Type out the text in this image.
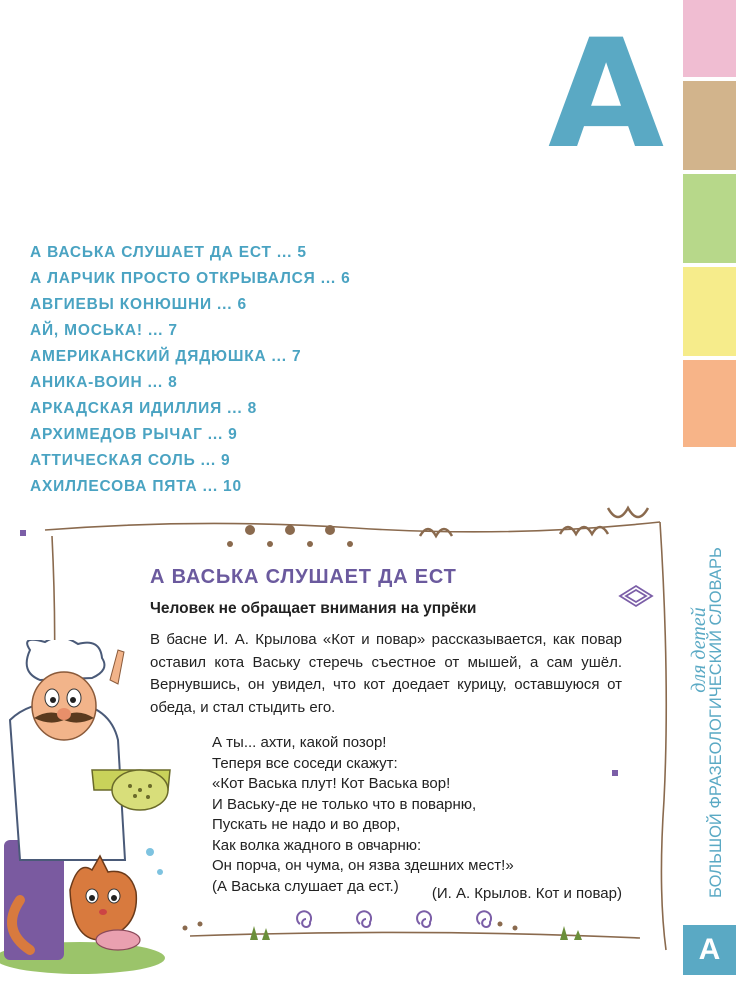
А
А ВАСЬКА СЛУШАЕТ ДА ЕСТ ... 5
А ЛАРЧИК ПРОСТО ОТКРЫВАЛСЯ ... 6
АВГИЕВЫ КОНЮШНИ ... 6
АЙ, МОСЬКА! ... 7
АМЕРИКАНСКИЙ ДЯДЮШКА ... 7
АНИКА-ВОИН ... 8
АРКАДСКАЯ ИДИЛЛИЯ ... 8
АРХИМЕДОВ РЫЧАГ ... 9
АТТИЧЕСКАЯ СОЛЬ ... 9
АХИЛЛЕСОВА ПЯТА ... 10
для детей
БОЛЬШОЙ ФРАЗЕОЛОГИЧЕСКИЙ СЛОВАРЬ
А
А ВАСЬКА СЛУШАЕТ ДА ЕСТ

Человек не обращает внимания на упрёки

В басне И. А. Крылова «Кот и повар» рассказывается, как повар оставил кота Ваську стеречь съестное от мышей, а сам ушёл. Вернувшись, он увидел, что кот доедает курицу, оставшуюся от обеда, и стал стыдить его.

А ты... ахти, какой позор!
Теперя все соседи скажут:
«Кот Васька плут! Кот Васька вор!
И Ваську-де не только что в поварню,
Пускать не надо и во двор,
Как волка жадного в овчарню:
Он порча, он чума, он язва здешних мест!»
(А Васька слушает да ест.)	(И. А. Крылов. Кот и повар)
